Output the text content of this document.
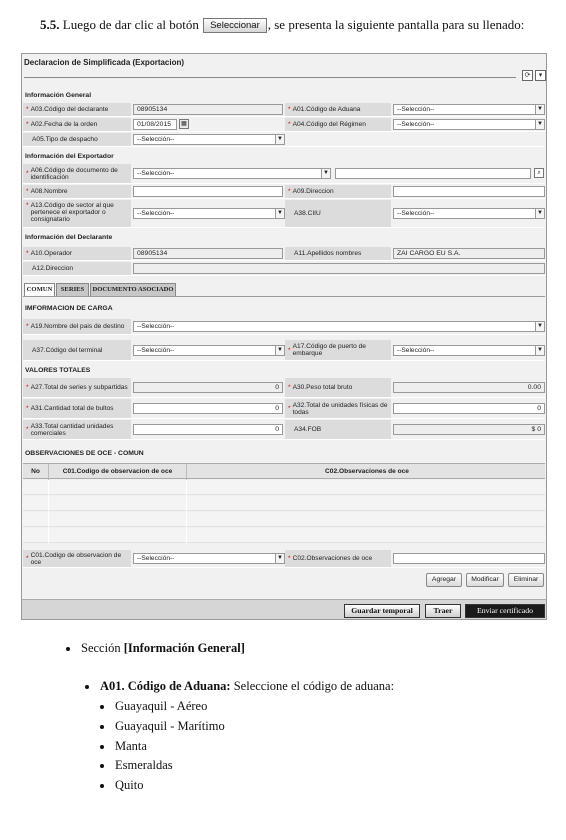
5.5. Luego de dar clic al botón Seleccionar , se presenta la siguiente pantalla para su llenado:
Declaracion de Simplificada (Exportacion)
⟳	▾
Información General
* A03.Código del declarante	08905134	* A01.Código de Aduana	--Selección--	▼
* A02.Fecha de la orden	01/08/2015	▦	* A04.Código del Régimen	--Selección--	▼
A05.Tipo de despacho	--Selección--	▼
Información del Exportador
* A06.Código de documento de identificación	--Selección--	▼	⌕
* A08.Nombre	* A09.Direccion
* A13.Código de sector al que pertenece el exportador o consignatario
--Selección--	▼ A38.CIIU	--Selección--	▼
Información del Declarante
* A10.Operador	08905134	A11.Apellidos nombres	ZAI CARGO EU S.A.
A12.Direccion
COMUN	SERIES	DOCUMENTO ASOCIADO
IMFORMACION DE CARGA
* A19.Nombre del pais de destino	--Selección--	▼
A37.Código del terminal	--Selección--	▼ * A17.Código de puerto de embarque	--Selección--	▼
VALORES TOTALES
* A27.Total de series y subpartidas	0	* A30.Peso total bruto	0.00
* A31.Cantidad total de bultos	0	* A32.Total de unidades físicas de todas	0
* A33.Total cantidad unidades comerciales	0	A34.FOB	$ 0
OBSERVACIONES DE OCE - COMUN
No	C01.Codigo de observacion de oce	C02.Observaciones de oce
* C01.Codigo de observacion de oce	--Selección--	▼ * C02.Observaciones de oce
Agregar	Modificar	Eliminar
Guardar temporal	Traer	Enviar certificado
Sección [Información General]
A01. Código de Aduana: Seleccione el código de aduana:
Guayaquil - Aéreo
Guayaquil - Marítimo
Manta
Esmeraldas
Quito
